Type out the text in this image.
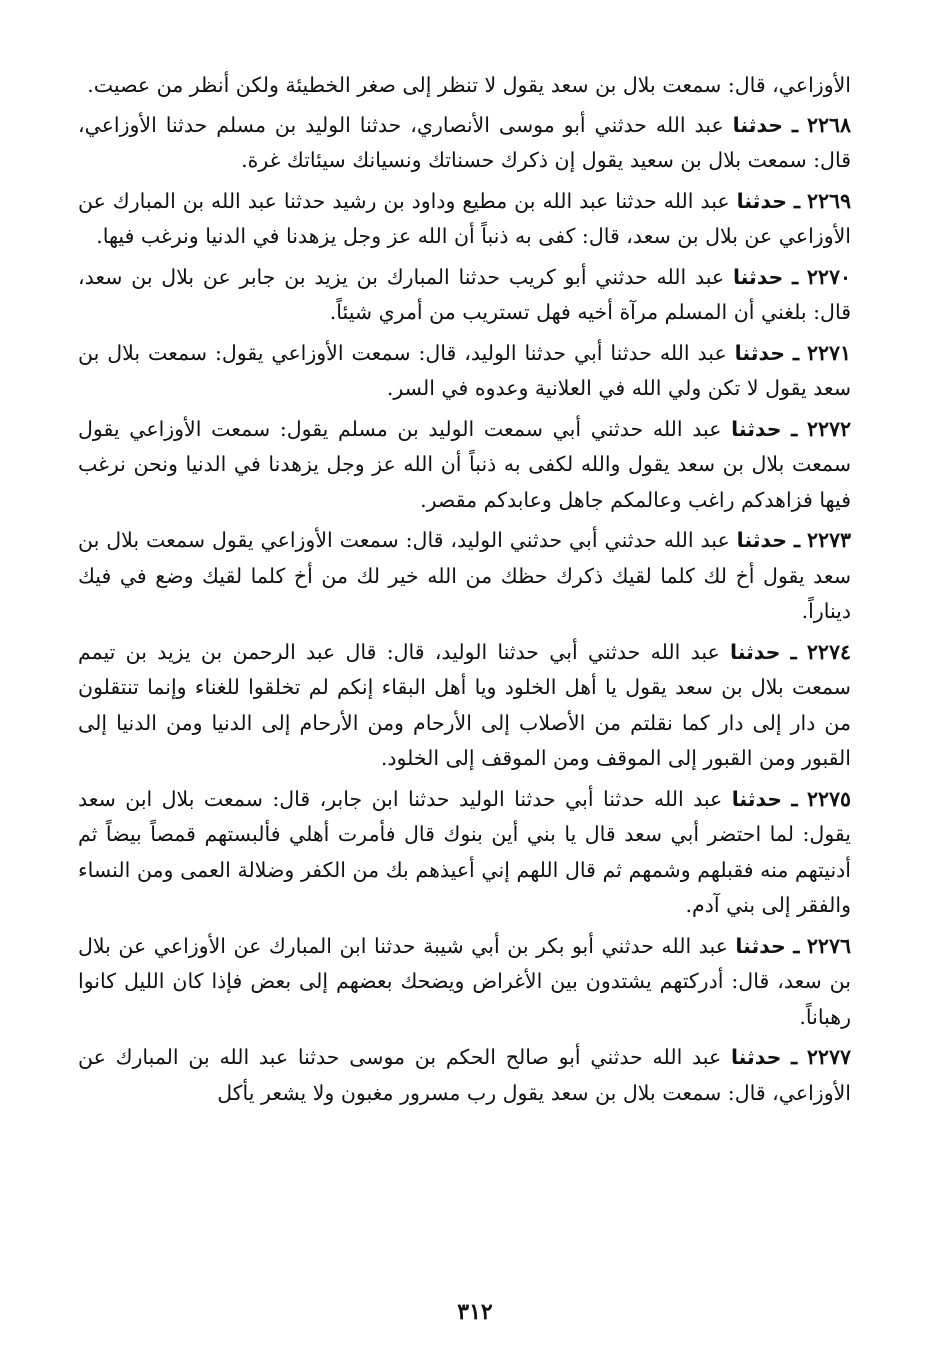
الأوزاعي، قال: سمعت بلال بن سعد يقول لا تنظر إلى صغر الخطيئة ولكن أنظر من عصيت.

٢٢٦٨ ـ حدثنا عبد الله حدثني أبو موسى الأنصاري، حدثنا الوليد بن مسلم حدثنا الأوزاعي، قال: سمعت بلال بن سعيد يقول إن ذكرك حسناتك ونسيانك سيئاتك غرة.

٢٢٦٩ ـ حدثنا عبد الله حدثنا عبد الله بن مطيع وداود بن رشيد حدثنا عبد الله بن المبارك عن الأوزاعي عن بلال بن سعد، قال: كفى به ذنباً أن الله عز وجل يزهدنا في الدنيا ونرغب فيها.

٢٢٧٠ ـ حدثنا عبد الله حدثني أبو كريب حدثنا المبارك بن يزيد بن جابر عن بلال بن سعد، قال: بلغني أن المسلم مرآة أخيه فهل تستريب من أمري شيئاً.

٢٢٧١ ـ حدثنا عبد الله حدثنا أبي حدثنا الوليد، قال: سمعت الأوزاعي يقول: سمعت بلال بن سعد يقول لا تكن ولي الله في العلانية وعدوه في السر.

٢٢٧٢ ـ حدثنا عبد الله حدثني أبي سمعت الوليد بن مسلم يقول: سمعت الأوزاعي يقول سمعت بلال بن سعد يقول والله لكفى به ذنباً أن الله عز وجل يزهدنا في الدنيا ونحن نرغب فيها فزاهدكم راغب وعالمكم جاهل وعابدكم مقصر.

٢٢٧٣ ـ حدثنا عبد الله حدثني أبي حدثني الوليد، قال: سمعت الأوزاعي يقول سمعت بلال بن سعد يقول أخ لك كلما لقيك ذكرك حظك من الله خير لك من أخ كلما لقيك وضع في فيك ديناراً.

٢٢٧٤ ـ حدثنا عبد الله حدثني أبي حدثنا الوليد، قال: قال عبد الرحمن بن يزيد بن تيمم سمعت بلال بن سعد يقول يا أهل الخلود ويا أهل البقاء إنكم لم تخلقوا للغناء وإنما تنتقلون من دار إلى دار كما نقلتم من الأصلاب إلى الأرحام ومن الأرحام إلى الدنيا ومن الدنيا إلى القبور ومن القبور إلى الموقف ومن الموقف إلى الخلود.

٢٢٧٥ ـ حدثنا عبد الله حدثنا أبي حدثنا الوليد حدثنا ابن جابر، قال: سمعت بلال ابن سعد يقول: لما احتضر أبي سعد قال يا بني أين بنوك قال فأمرت أهلي فألبستهم قمصاً بيضاً ثم أدنيتهم منه فقبلهم وشمهم ثم قال اللهم إني أعيذهم بك من الكفر وضلالة العمى ومن النساء والفقر إلى بني آدم.

٢٢٧٦ ـ حدثنا عبد الله حدثني أبو بكر بن أبي شيبة حدثنا ابن المبارك عن الأوزاعي عن بلال بن سعد، قال: أدركتهم يشتدون بين الأغراض ويضحك بعضهم إلى بعض فإذا كان الليل كانوا رهباناً.

٢٢٧٧ ـ حدثنا عبد الله حدثني أبو صالح الحكم بن موسى حدثنا عبد الله بن المبارك عن الأوزاعي، قال: سمعت بلال بن سعد يقول رب مسرور مغبون ولا يشعر يأكل

٣١٢
